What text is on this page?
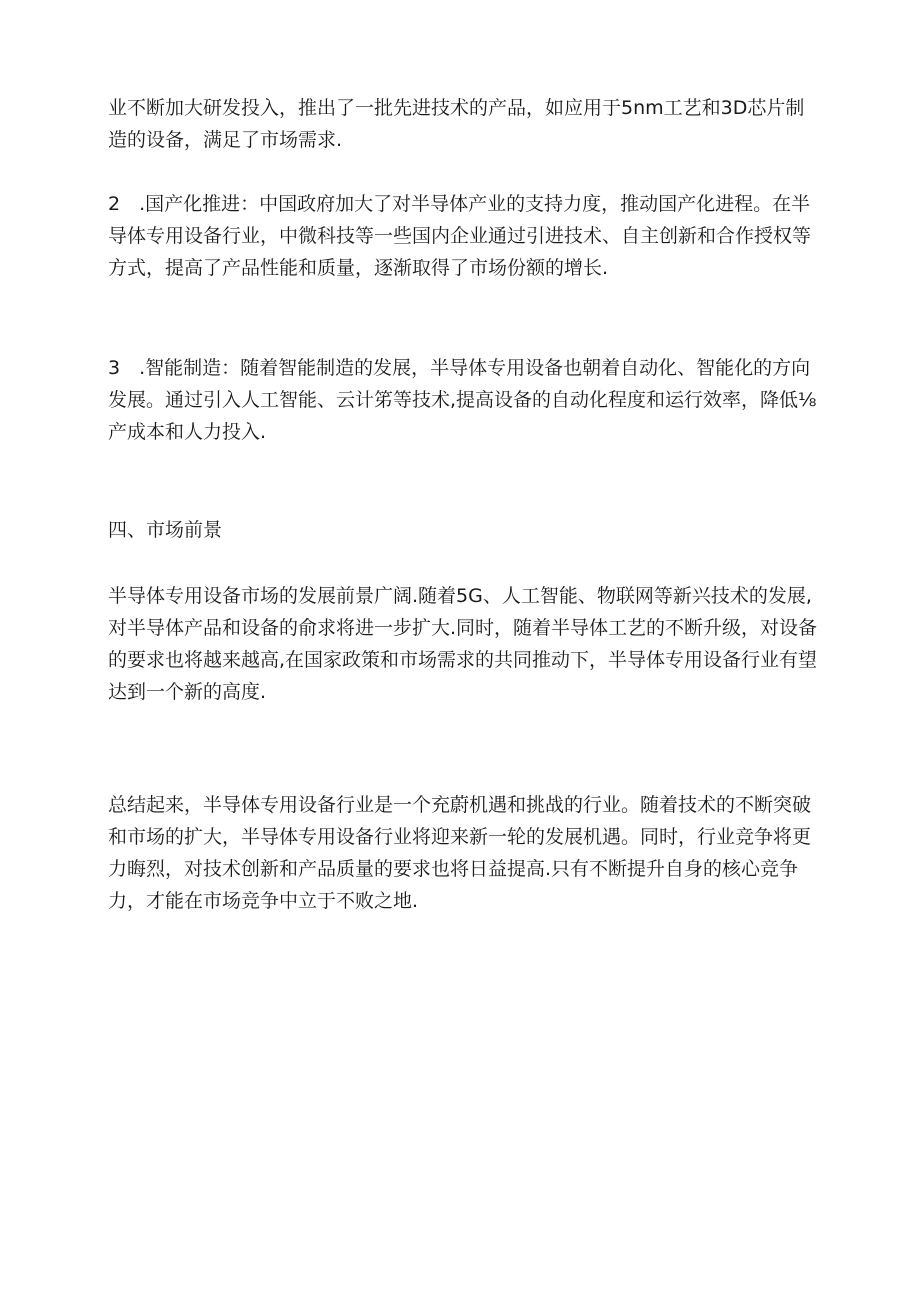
业不断加大研发投入，推出了一批先进技术的产品，如应用于5nm工艺和3D芯片制造的设备，满足了市场需求.

2　.国产化推进：中国政府加大了对半导体产业的支持力度，推动国产化进程。在半导体专用设备行业，中微科技等一些国内企业通过引进技术、自主创新和合作授权等方式，提高了产品性能和质量，逐渐取得了市场份额的增长.

3　.智能制造：随着智能制造的发展，半导体专用设备也朝着自动化、智能化的方向发展。通过引入人工智能、云计笫等技术,提高设备的自动化程度和运行效率，降低⅛产成本和人力投入.

四、市场前景

半导体专用设备市场的发展前景广阔.随着5G、人工智能、物联网等新兴技术的发展,对半导体产品和设备的俞求将进一步扩大.同时，随着半导体工艺的不断升级，对设备的要求也将越来越高,在国家政策和市场需求的共同推动下，半导体专用设备行业有望达到一个新的高度.

总结起来，半导体专用设备行业是一个充蔚机遇和挑战的行业。随着技术的不断突破和市场的扩大，半导体专用设备行业将迎来新一轮的发展机遇。同时，行业竞争将更力晦烈，对技术创新和产品质量的要求也将日益提高.只有不断提升自身的核心竞争力，才能在市场竞争中立于不败之地.
